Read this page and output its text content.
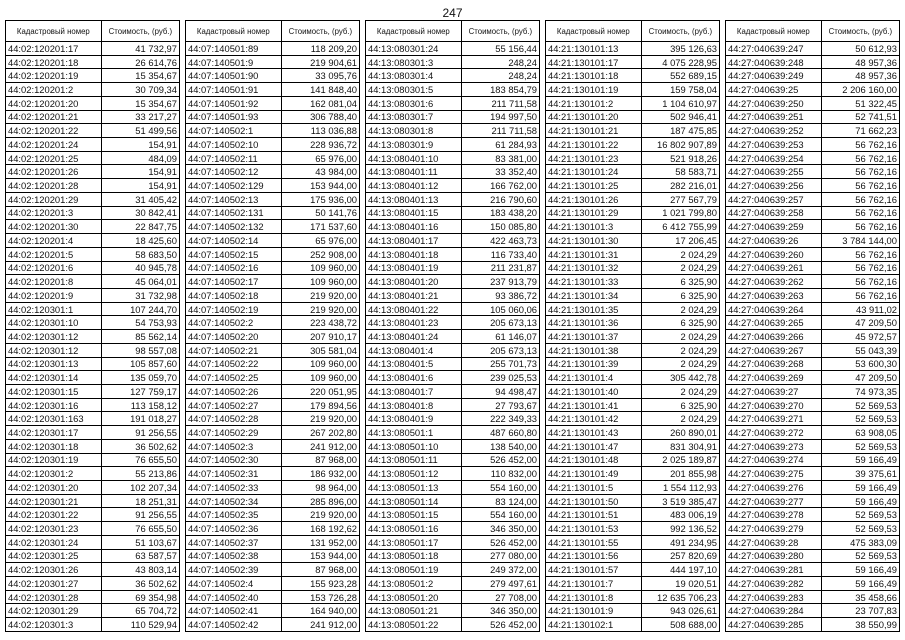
247
Кадастровый номер	Стоимость, (руб.)
44:02:120201:17	41 732,97
44:02:120201:18	26 614,76
44:02:120201:19	15 354,67
44:02:120201:2	30 709,34
44:02:120201:20	15 354,67
44:02:120201:21	33 217,27
44:02:120201:22	51 499,56
44:02:120201:24	154,91
44:02:120201:25	484,09
44:02:120201:26	154,91
44:02:120201:28	154,91
44:02:120201:29	31 405,42
44:02:120201:3	30 842,41
44:02:120201:30	22 847,75
44:02:120201:4	18 425,60
44:02:120201:5	58 683,50
44:02:120201:6	40 945,78
44:02:120201:8	45 064,01
44:02:120201:9	31 732,98
44:02:120301:1	107 244,70
44:02:120301:10	54 753,93
44:02:120301:12	85 562,14
44:02:120301:12	98 557,08
44:02:120301:13	105 857,60
44:02:120301:14	135 059,70
44:02:120301:15	127 759,17
44:02:120301:16	113 158,12
44:02:120301:163	191 018,27
44:02:120301:17	91 256,55
44:02:120301:18	36 502,62
44:02:120301:19	76 655,50
44:02:120301:2	55 213,86
44:02:120301:20	102 207,34
44:02:120301:21	18 251,31
44:02:120301:22	91 256,55
44:02:120301:23	76 655,50
44:02:120301:24	51 103,67
44:02:120301:25	63 587,57
44:02:120301:26	43 803,14
44:02:120301:27	36 502,62
44:02:120301:28	69 354,98
44:02:120301:29	65 704,72
44:02:120301:3	110 529,94
Кадастровый номер	Стоимость, (руб.)
44:07:140501:89	118 209,20
44:07:140501:9	219 904,61
44:07:140501:90	33 095,76
44:07:140501:91	141 848,40
44:07:140501:92	162 081,04
44:07:140501:93	306 788,40
44:07:140502:1	113 036,88
44:07:140502:10	228 936,72
44:07:140502:11	65 976,00
44:07:140502:12	43 984,00
44:07:140502:129	153 944,00
44:07:140502:13	175 936,00
44:07:140502:131	50 141,76
44:07:140502:132	171 537,60
44:07:140502:14	65 976,00
44:07:140502:15	252 908,00
44:07:140502:16	109 960,00
44:07:140502:17	109 960,00
44:07:140502:18	219 920,00
44:07:140502:19	219 920,00
44:07:140502:2	223 438,72
44:07:140502:20	207 910,17
44:07:140502:21	305 581,04
44:07:140502:22	109 960,00
44:07:140502:25	109 960,00
44:07:140502:26	220 051,95
44:07:140502:27	179 894,56
44:07:140502:28	219 920,00
44:07:140502:29	267 202,80
44:07:140502:3	241 912,00
44:07:140502:30	87 968,00
44:07:140502:31	186 932,00
44:07:140502:33	98 964,00
44:07:140502:34	285 896,00
44:07:140502:35	219 920,00
44:07:140502:36	168 192,62
44:07:140502:37	131 952,00
44:07:140502:38	153 944,00
44:07:140502:39	87 968,00
44:07:140502:4	155 923,28
44:07:140502:40	153 726,28
44:07:140502:41	164 940,00
44:07:140502:42	241 912,00
Кадастровый номер	Стоимость, (руб.)
44:13:080301:24	55 156,44
44:13:080301:3	248,24
44:13:080301:4	248,24
44:13:080301:5	183 854,79
44:13:080301:6	211 711,58
44:13:080301:7	194 997,50
44:13:080301:8	211 711,58
44:13:080301:9	61 284,93
44:13:080401:10	83 381,00
44:13:080401:11	33 352,40
44:13:080401:12	166 762,00
44:13:080401:13	216 790,60
44:13:080401:15	183 438,20
44:13:080401:16	150 085,80
44:13:080401:17	422 463,73
44:13:080401:18	116 733,40
44:13:080401:19	211 231,87
44:13:080401:20	237 913,79
44:13:080401:21	93 386,72
44:13:080401:22	105 060,06
44:13:080401:23	205 673,13
44:13:080401:24	61 146,07
44:13:080401:4	205 673,13
44:13:080401:5	255 701,73
44:13:080401:6	239 025,53
44:13:080401:7	94 498,47
44:13:080401:8	27 793,67
44:13:080401:9	222 349,33
44:13:080501:1	487 660,80
44:13:080501:10	138 540,00
44:13:080501:11	526 452,00
44:13:080501:12	110 832,00
44:13:080501:13	554 160,00
44:13:080501:14	83 124,00
44:13:080501:15	554 160,00
44:13:080501:16	346 350,00
44:13:080501:17	526 452,00
44:13:080501:18	277 080,00
44:13:080501:19	249 372,00
44:13:080501:2	279 497,61
44:13:080501:20	27 708,00
44:13:080501:21	346 350,00
44:13:080501:22	526 452,00
Кадастровый номер	Стоимость, (руб.)
44:21:130101:13	395 126,63
44:21:130101:17	4 075 228,95
44:21:130101:18	552 689,15
44:21:130101:19	159 758,04
44:21:130101:2	1 104 610,97
44:21:130101:20	502 946,41
44:21:130101:21	187 475,85
44:21:130101:22	16 802 907,89
44:21:130101:23	521 918,26
44:21:130101:24	58 583,71
44:21:130101:25	282 216,01
44:21:130101:26	277 567,79
44:21:130101:29	1 021 799,80
44:21:130101:3	6 412 755,99
44:21:130101:30	17 206,45
44:21:130101:31	2 024,29
44:21:130101:32	2 024,29
44:21:130101:33	6 325,90
44:21:130101:34	6 325,90
44:21:130101:35	2 024,29
44:21:130101:36	6 325,90
44:21:130101:37	2 024,29
44:21:130101:38	2 024,29
44:21:130101:39	2 024,29
44:21:130101:4	305 442,78
44:21:130101:40	2 024,29
44:21:130101:41	6 325,90
44:21:130101:42	2 024,29
44:21:130101:43	260 890,01
44:21:130101:47	831 304,91
44:21:130101:48	2 025 189,87
44:21:130101:49	201 855,98
44:21:130101:5	1 554 112,93
44:21:130101:50	3 519 385,47
44:21:130101:51	483 006,19
44:21:130101:53	992 136,52
44:21:130101:55	491 234,95
44:21:130101:56	257 820,69
44:21:130101:57	444 197,10
44:21:130101:7	19 020,51
44:21:130101:8	12 635 706,23
44:21:130101:9	943 026,61
44:21:130102:1	508 688,00
Кадастровый номер	Стоимость, (руб.)
44:27:040639:247	50 612,93
44:27:040639:248	48 957,36
44:27:040639:249	48 957,36
44:27:040639:25	2 206 160,00
44:27:040639:250	51 322,45
44:27:040639:251	52 741,51
44:27:040639:252	71 662,23
44:27:040639:253	56 762,16
44:27:040639:254	56 762,16
44:27:040639:255	56 762,16
44:27:040639:256	56 762,16
44:27:040639:257	56 762,16
44:27:040639:258	56 762,16
44:27:040639:259	56 762,16
44:27:040639:26	3 784 144,00
44:27:040639:260	56 762,16
44:27:040639:261	56 762,16
44:27:040639:262	56 762,16
44:27:040639:263	56 762,16
44:27:040639:264	43 911,02
44:27:040639:265	47 209,50
44:27:040639:266	45 972,57
44:27:040639:267	55 043,39
44:27:040639:268	53 600,30
44:27:040639:269	47 209,50
44:27:040639:27	74 973,35
44:27:040639:270	52 569,53
44:27:040639:271	52 569,53
44:27:040639:272	63 908,05
44:27:040639:273	52 569,53
44:27:040639:274	59 166,49
44:27:040639:275	39 375,61
44:27:040639:276	59 166,49
44:27:040639:277	59 166,49
44:27:040639:278	52 569,53
44:27:040639:279	52 569,53
44:27:040639:28	475 383,09
44:27:040639:280	52 569,53
44:27:040639:281	59 166,49
44:27:040639:282	59 166,49
44:27:040639:283	35 458,66
44:27:040639:284	23 707,83
44:27:040639:285	38 550,99
